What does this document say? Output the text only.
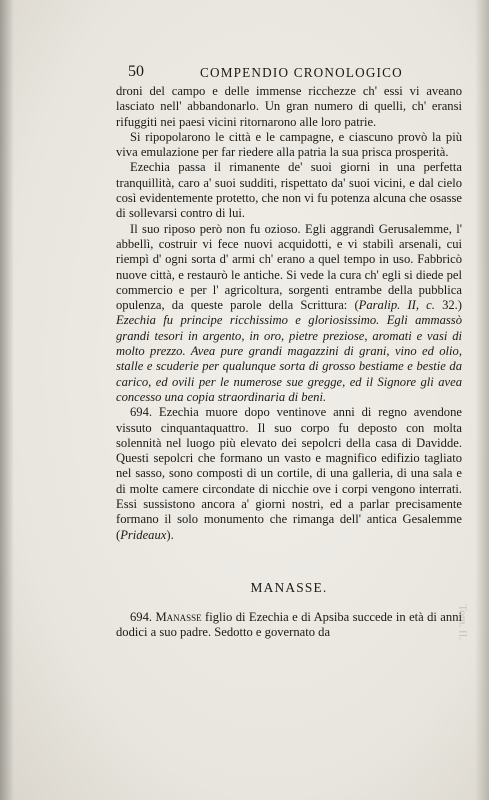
50	COMPENDIO CRONOLOGICO

droni del campo e delle immense ricchezze ch' essi vi aveano lasciato nell' abbandonarlo. Un gran numero di quelli, ch' eransi rifuggiti nei paesi vicini ritornarono alle loro patrie.

Si ripopolarono le città e le campagne, e ciascuno provò la più viva emulazione per far riedere alla patria la sua prisca prosperità.

Ezechia passa il rimanente de' suoi giorni in una perfetta tranquillità, caro a' suoi sudditi, rispettato da' suoi vicini, e dal cielo così evidentemente protetto, che non vi fu potenza alcuna che osasse di sollevarsi contro di lui.

Il suo riposo però non fu ozioso. Egli aggrandì Gerusalemme, l' abbellì, costruir vi fece nuovi acquidotti, e vi stabilì arsenali, cui riempì d' ogni sorta d' armi ch' erano a quel tempo in uso. Fabbricò nuove città, e restaurò le antiche. Si vede la cura ch' egli si diede pel commercio e per l' agricoltura, sorgenti entrambe della pubblica opulenza, da queste parole della Scrittura: (Paralip. II, c. 32.) Ezechia fu principe ricchissimo e gloriosissimo. Egli ammassò grandi tesori in argento, in oro, pietre preziose, aromati e vasi di molto prezzo. Avea pure grandi magazzini di grani, vino ed olio, stalle e scuderie per qualunque sorta di grosso bestiame e bestie da carico, ed ovili per le numerose sue gregge, ed il Signore gli avea concesso una copia straordinaria di beni.

694. Ezechia muore dopo ventinove anni di regno avendone vissuto cinquantaquattro. Il suo corpo fu deposto con molta solennità nel luogo più elevato dei sepolcri della casa di Davidde. Questi sepolcri che formano un vasto e magnifico edifizio tagliato nel sasso, sono composti di un cortile, di una galleria, di una sala e di molte camere circondate di nicchie ove i corpi vengono interrati. Essi sussistono ancora a' giorni nostri, ed a parlar precisamente formano il solo monumento che rimanga dell' antica Gesalemme (Prideaux).

MANASSE.

694. Manasse figlio di Ezechia e di Apsiba succede in età di anni dodici a suo padre. Sedotto e governato da	Tom. II.
